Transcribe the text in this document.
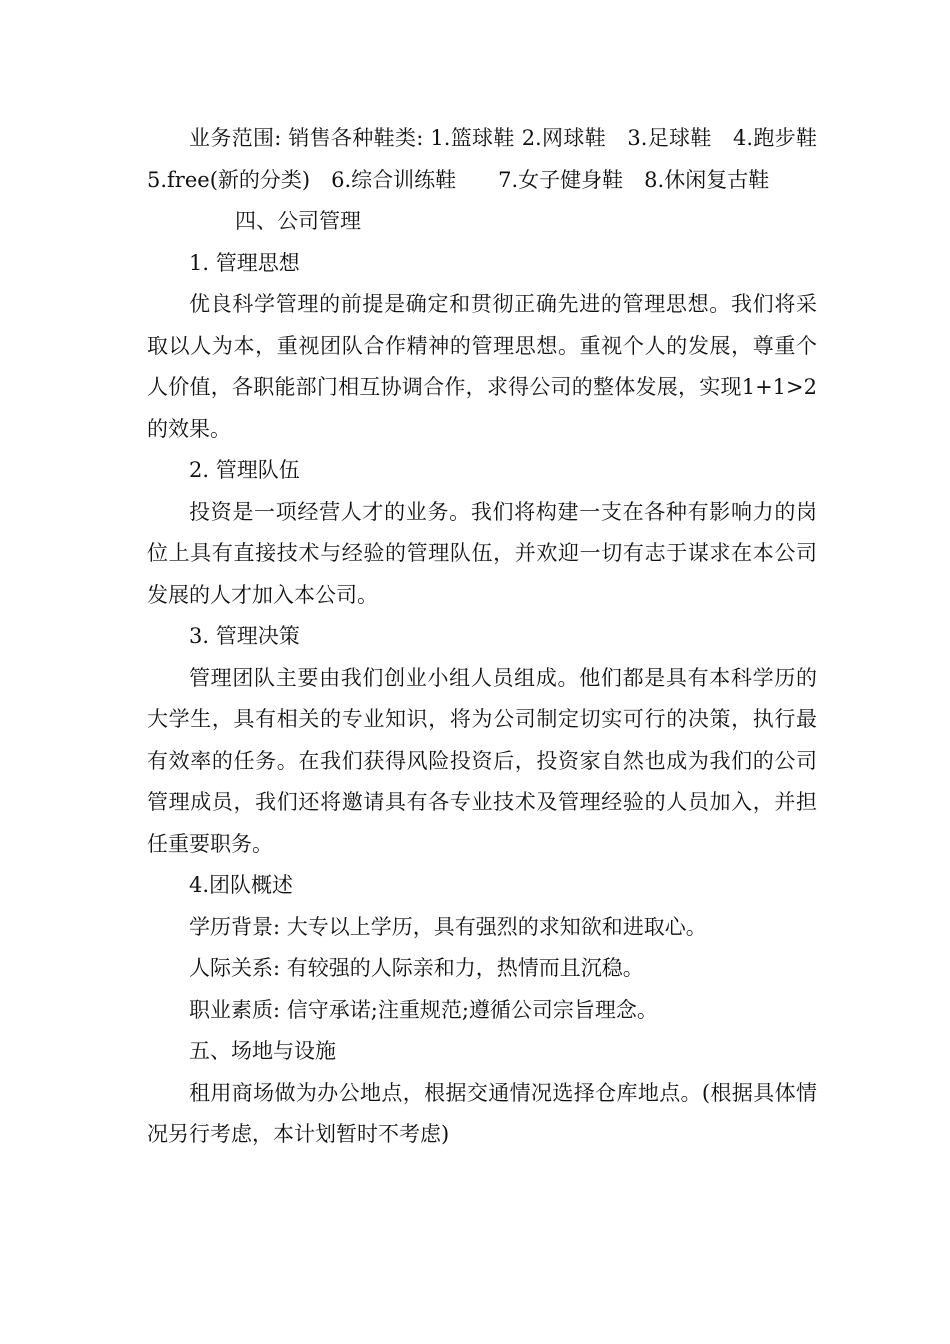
业务范围: 销售各种鞋类: 1.篮球鞋 2.网球鞋　3.足球鞋　4.跑步鞋　　5.free(新的分类)　6.综合训练鞋　　7.女子健身鞋　8.休闲复古鞋

四、公司管理

1. 管理思想

优良科学管理的前提是确定和贯彻正确先进的管理思想。我们将采取以人为本，重视团队合作精神的管理思想。重视个人的发展，尊重个人价值，各职能部门相互协调合作，求得公司的整体发展，实现1+1>2 的效果。

2. 管理队伍

投资是一项经营人才的业务。我们将构建一支在各种有影响力的岗位上具有直接技术与经验的管理队伍，并欢迎一切有志于谋求在本公司发展的人才加入本公司。

3. 管理决策

管理团队主要由我们创业小组人员组成。他们都是具有本科学历的大学生，具有相关的专业知识，将为公司制定切实可行的决策，执行最有效率的任务。在我们获得风险投资后，投资家自然也成为我们的公司管理成员，我们还将邀请具有各专业技术及管理经验的人员加入，并担任重要职务。

4.团队概述

学历背景: 大专以上学历，具有强烈的求知欲和进取心。

人际关系: 有较强的人际亲和力，热情而且沉稳。

职业素质: 信守承诺;注重规范;遵循公司宗旨理念。

五、场地与设施

租用商场做为办公地点，根据交通情况选择仓库地点。(根据具体情况另行考虑，本计划暂时不考虑)
